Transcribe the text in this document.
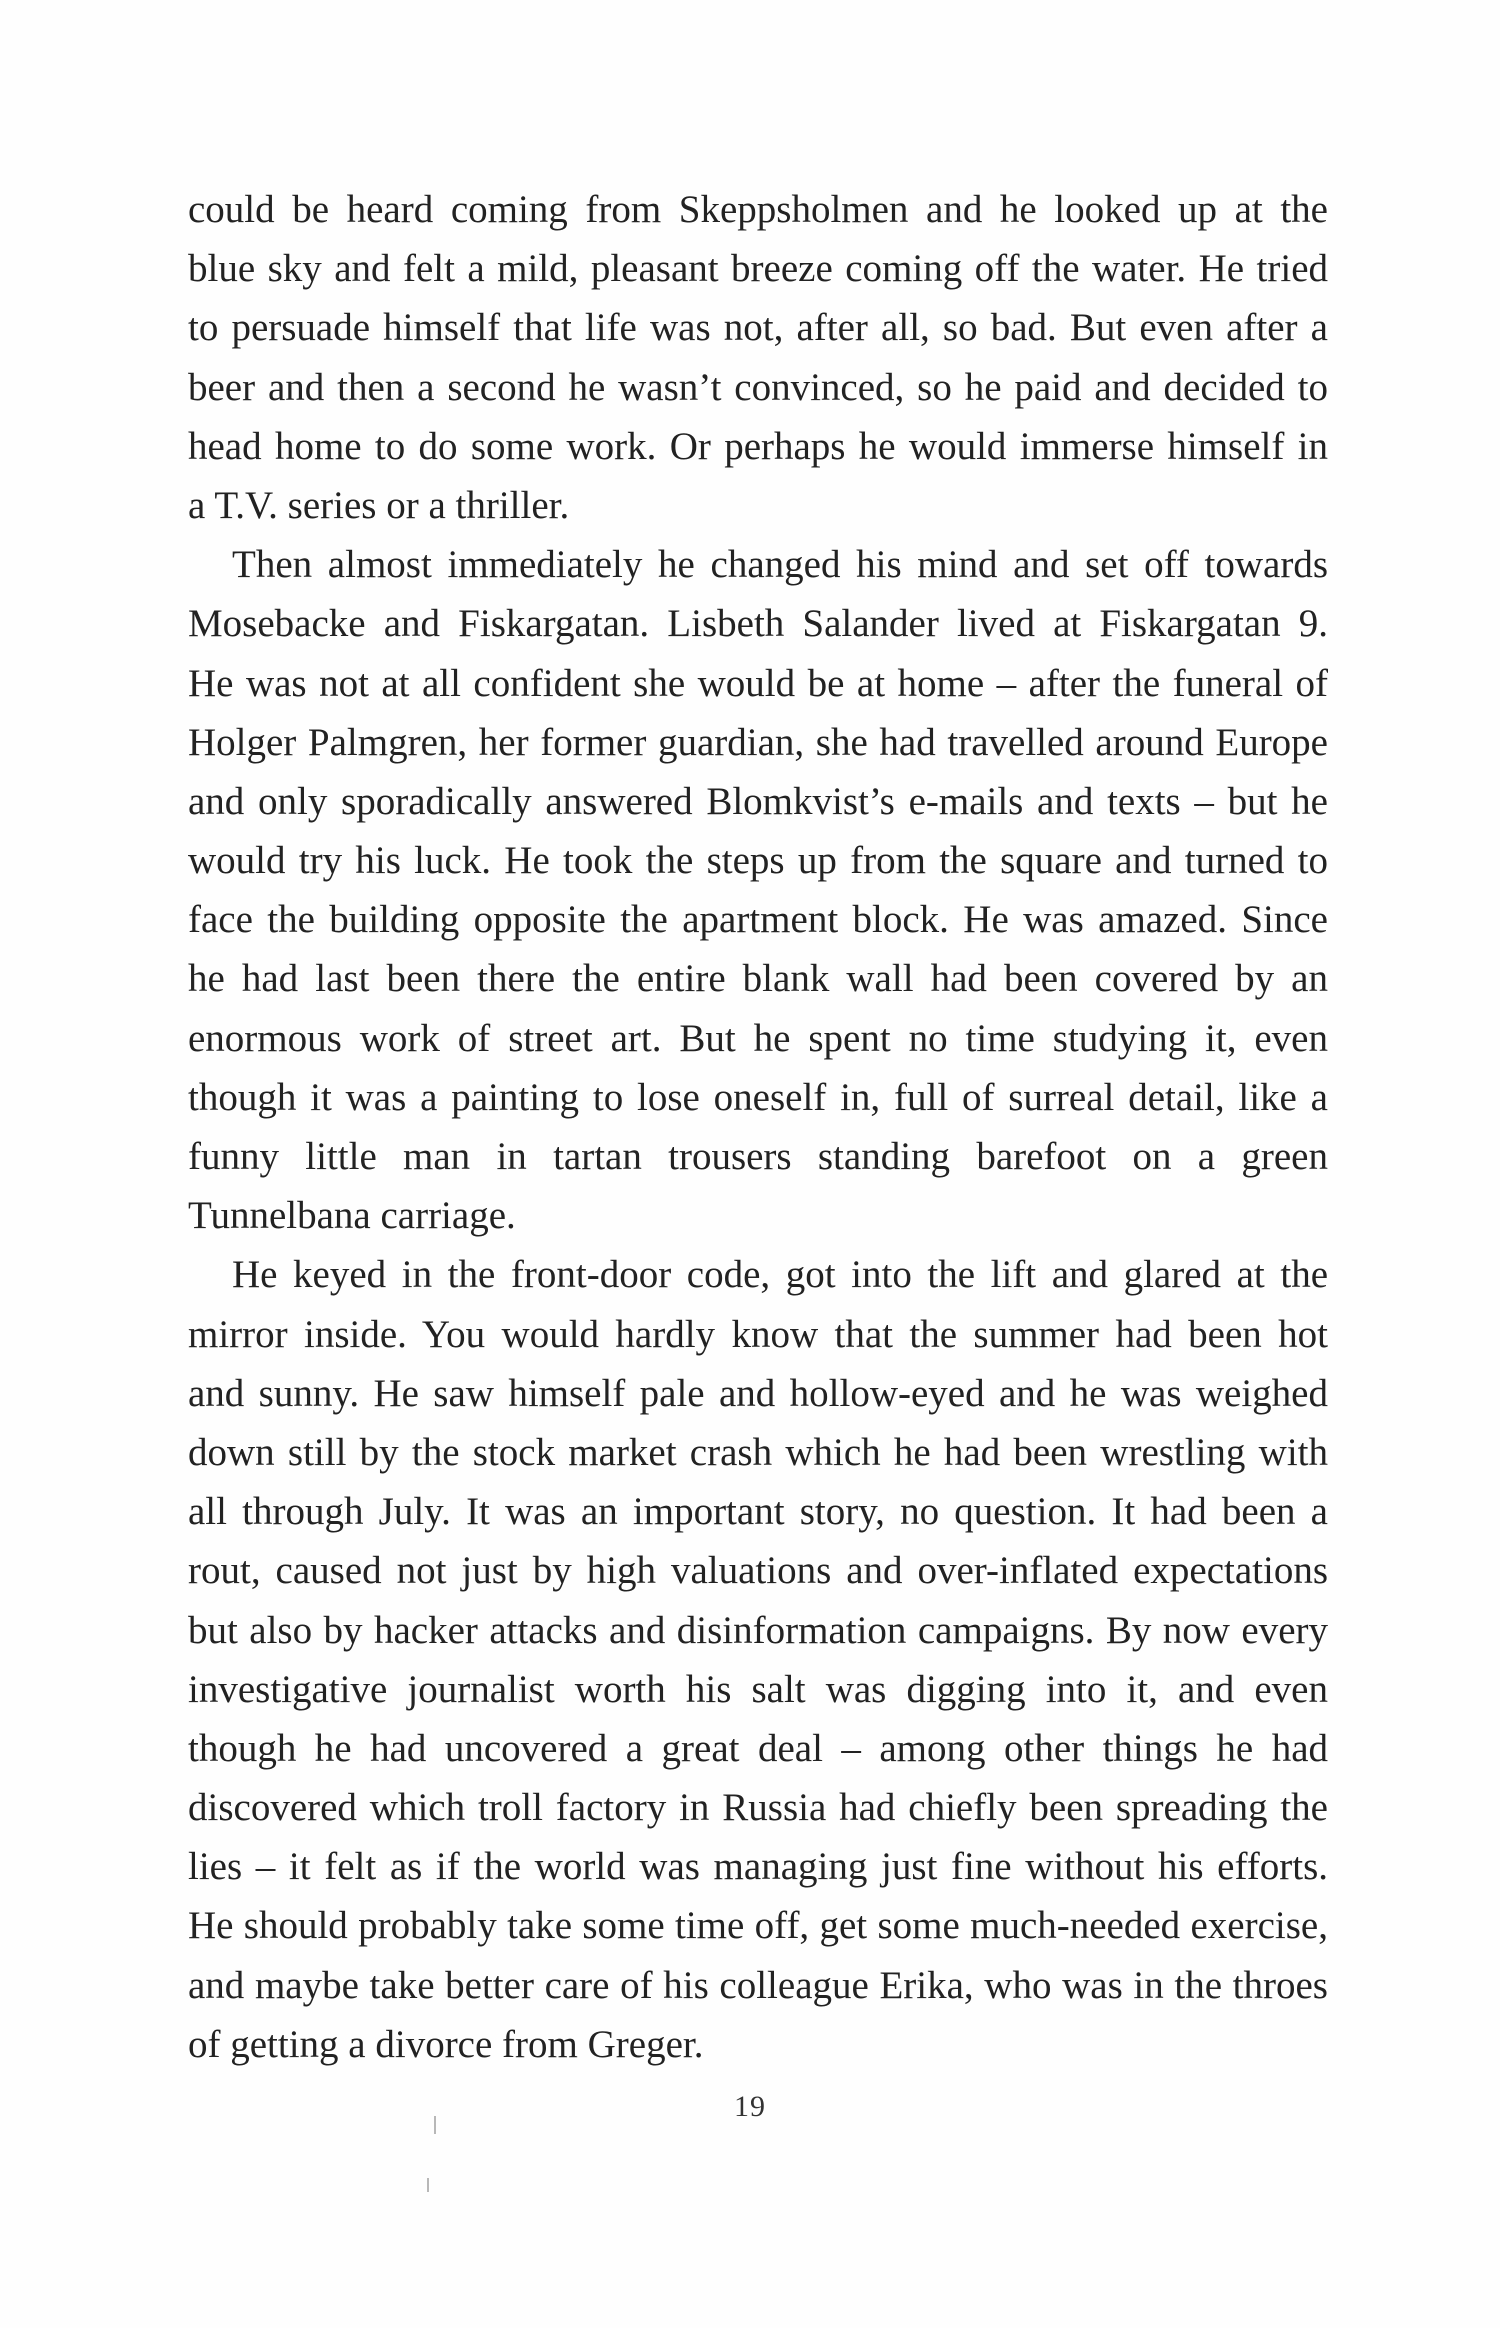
could be heard coming from Skeppsholmen and he looked up at the
blue sky and felt a mild, pleasant breeze coming off the water. He tried
to persuade himself that life was not, after all, so bad. But even after a
beer and then a second he wasn’t convinced, so he paid and decided to
head home to do some work. Or perhaps he would immerse himself in
a T.V. series or a thriller.
Then almost immediately he changed his mind and set off towards
Mosebacke and Fiskargatan. Lisbeth Salander lived at Fiskargatan 9.
He was not at all confident she would be at home – after the funeral of
Holger Palmgren, her former guardian, she had travelled around Europe
and only sporadically answered Blomkvist’s e-mails and texts – but he
would try his luck. He took the steps up from the square and turned to
face the building opposite the apartment block. He was amazed. Since
he had last been there the entire blank wall had been covered by an
enormous work of street art. But he spent no time studying it, even
though it was a painting to lose oneself in, full of surreal detail, like a
funny little man in tartan trousers standing barefoot on a green
Tunnelbana carriage.
He keyed in the front-door code, got into the lift and glared at the
mirror inside. You would hardly know that the summer had been hot
and sunny. He saw himself pale and hollow-eyed and he was weighed
down still by the stock market crash which he had been wrestling with
all through July. It was an important story, no question. It had been a
rout, caused not just by high valuations and over-inflated expectations
but also by hacker attacks and disinformation campaigns. By now every
investigative journalist worth his salt was digging into it, and even
though he had uncovered a great deal – among other things he had
discovered which troll factory in Russia had chiefly been spreading the
lies – it felt as if the world was managing just fine without his efforts.
He should probably take some time off, get some much-needed exercise,
and maybe take better care of his colleague Erika, who was in the throes
of getting a divorce from Greger.
19
